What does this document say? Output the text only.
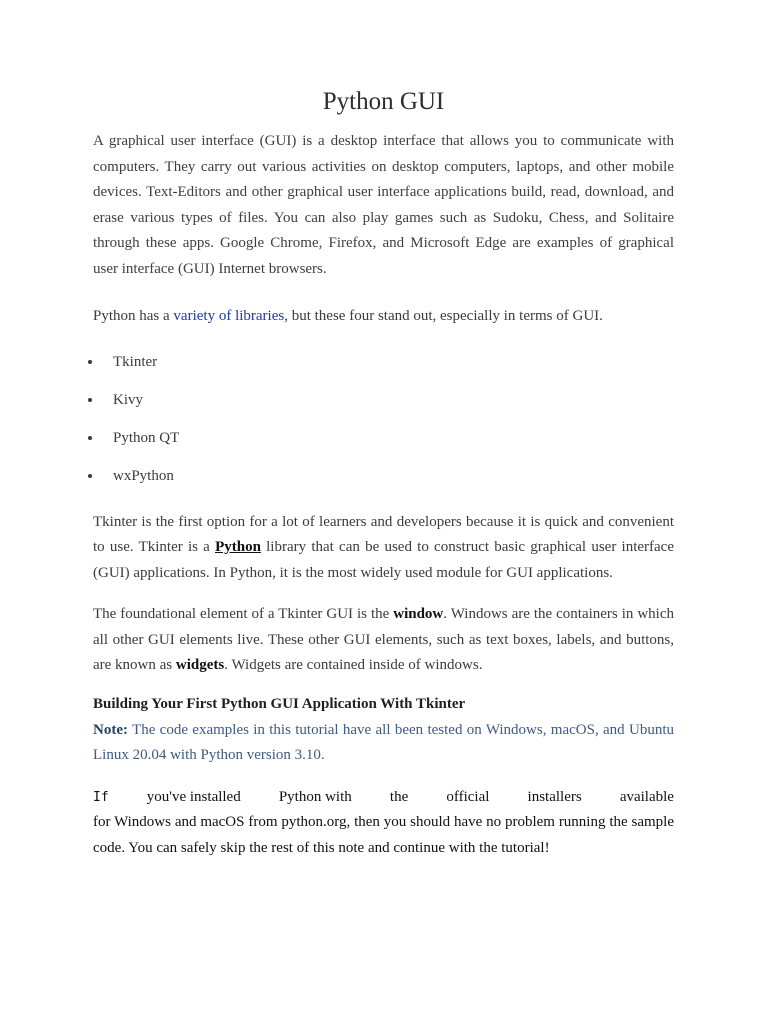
Python GUI

A graphical user interface (GUI) is a desktop interface that allows you to communicate with computers. They carry out various activities on desktop computers, laptops, and other mobile devices. Text-Editors and other graphical user interface applications build, read, download, and erase various types of files. You can also play games such as Sudoku, Chess, and Solitaire through these apps. Google Chrome, Firefox, and Microsoft Edge are examples of graphical user interface (GUI) Internet browsers.

Python has a variety of libraries, but these four stand out, especially in terms of GUI.

Tkinter
Kivy
Python QT
wxPython

Tkinter is the first option for a lot of learners and developers because it is quick and convenient to use. Tkinter is a Python library that can be used to construct basic graphical user interface (GUI) applications. In Python, it is the most widely used module for GUI applications.

The foundational element of a Tkinter GUI is the window. Windows are the containers in which all other GUI elements live. These other GUI elements, such as text boxes, labels, and buttons, are known as widgets. Widgets are contained inside of windows.

Building Your First Python GUI Application With Tkinter

Note: The code examples in this tutorial have all been tested on Windows, macOS, and Ubuntu Linux 20.04 with Python version 3.10.

If	you've installed	Python with	the	official	installers	available

for Windows and macOS from python.org, then you should have no problem running the sample code. You can safely skip the rest of this note and continue with the tutorial!
